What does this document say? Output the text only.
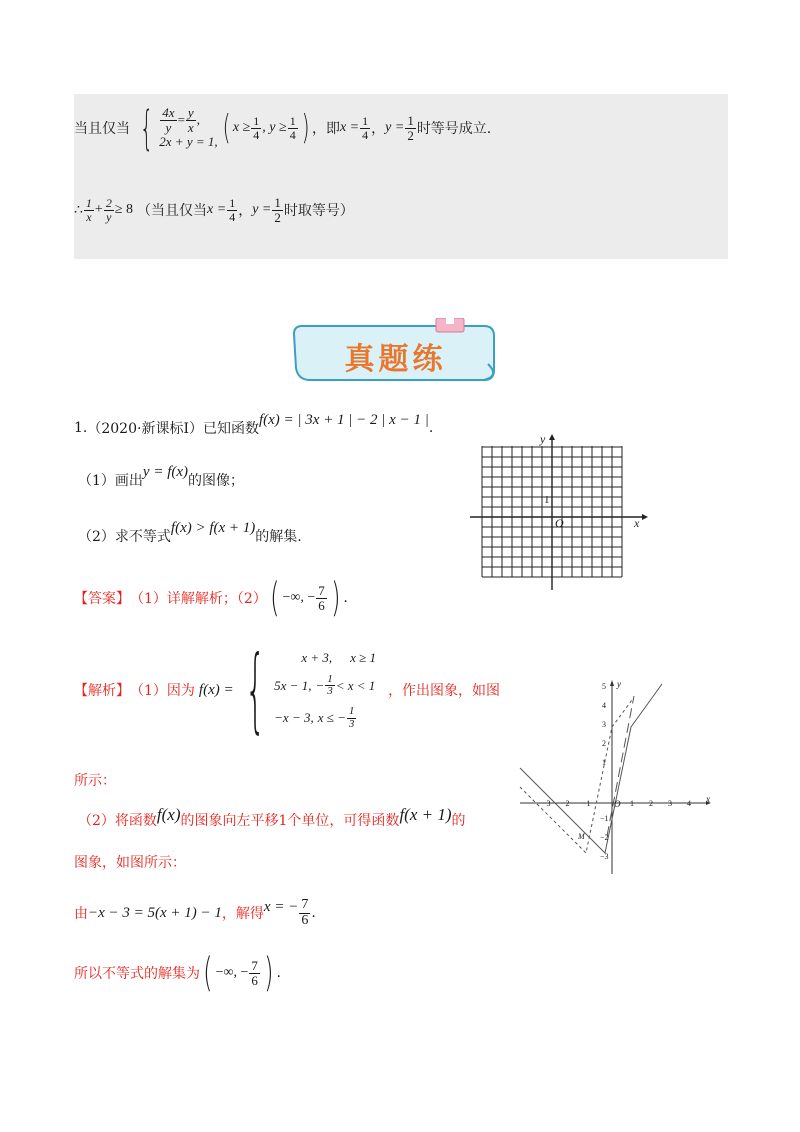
当且仅当 { $\frac{4x}{y} = \frac{y}{x}$ ,
2x + y = 1, ( $x \ge \frac{1}{4}$ , $y \ge \frac{1}{4}$ ) ，即 $x = \frac{1}{4}$ ， $y = \frac{1}{2}$ 时等号成立.
∴ $\frac{1}{x} + \frac{2}{y} \ge 8$ （当且仅当 $x = \frac{1}{4}$ ， $y = \frac{1}{2}$ 时取等号）
真题练
1. （2020·新课标Ⅰ）已知函数
f(x) = | 3x + 1 | − 2 | x − 1 |
.
（1）画出
y = f(x)
的图像；
（2）求不等式
f(x) > f(x + 1)
的解集.
x
y
1
O
【答案】 （1）详解解析；（2） ( −∞, − $\frac{7}{6}$ ) .
【解析】 （1）因为 f(x) = {	x + 3, x ≥ 1
5x − 1, − $\frac{1}{3} < x < 1$
−x − 3, x ≤ − $\frac{1}{3}$
，作出图象，如图
所示：
（2）将函数 f(x) 的图象向左平移1个单位，可得函数 f(x + 1) 的
图象，如图所示：
由 −x − 3 = 5(x + 1) − 1 ，解得 x = − $\frac{7}{6}$ .
所以不等式的解集为 ( −∞, − $\frac{7}{6}$ ) .
−3 −2 −1	O 1 2 3 4
5
4
3
2
1
−1
−2
−3
y
x
M
